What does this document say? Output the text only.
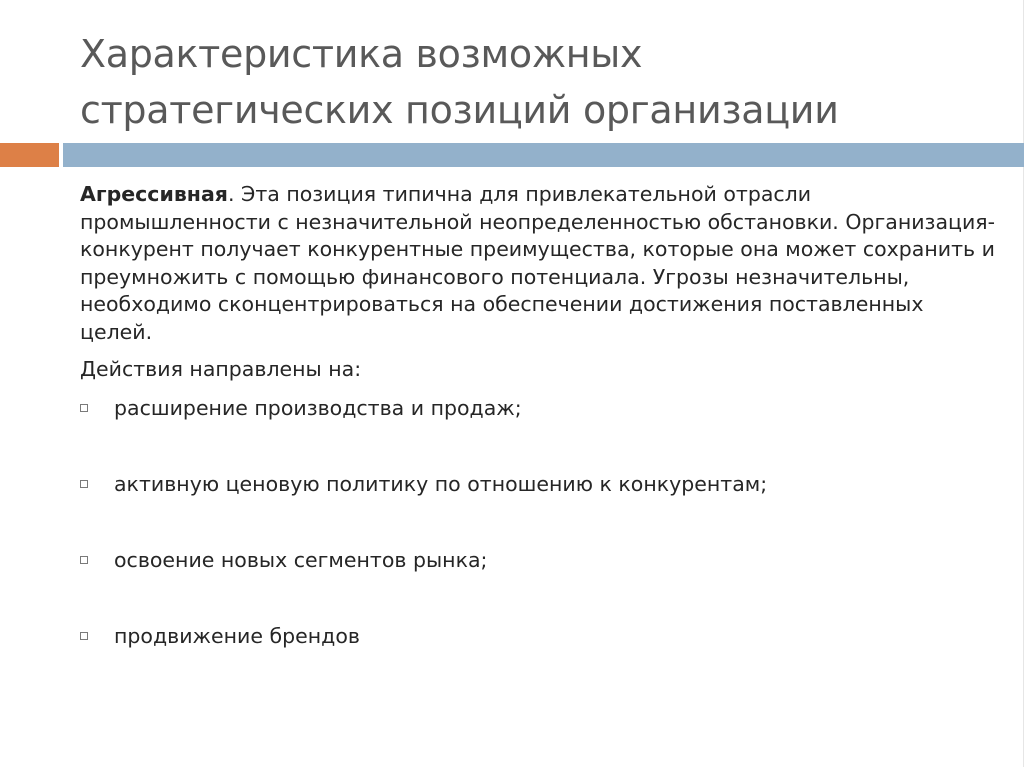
Характеристика возможных
стратегических позиций организации

Агрессивная. Эта позиция типична для привлекательной отрасли промышленности с незначительной неопределенностью обстановки. Организация- конкурент получает конкурентные преимущества, которые она может сохранить и преумножить с помощью финансового потенциала. Угрозы незначительны, необходимо сконцентрироваться на обеспечении достижения поставленных целей.

Действия направлены на:

расширение производства и продаж;
активную ценовую политику по отношению к конкурентам;
освоение новых сегментов рынка;
продвижение брендов
